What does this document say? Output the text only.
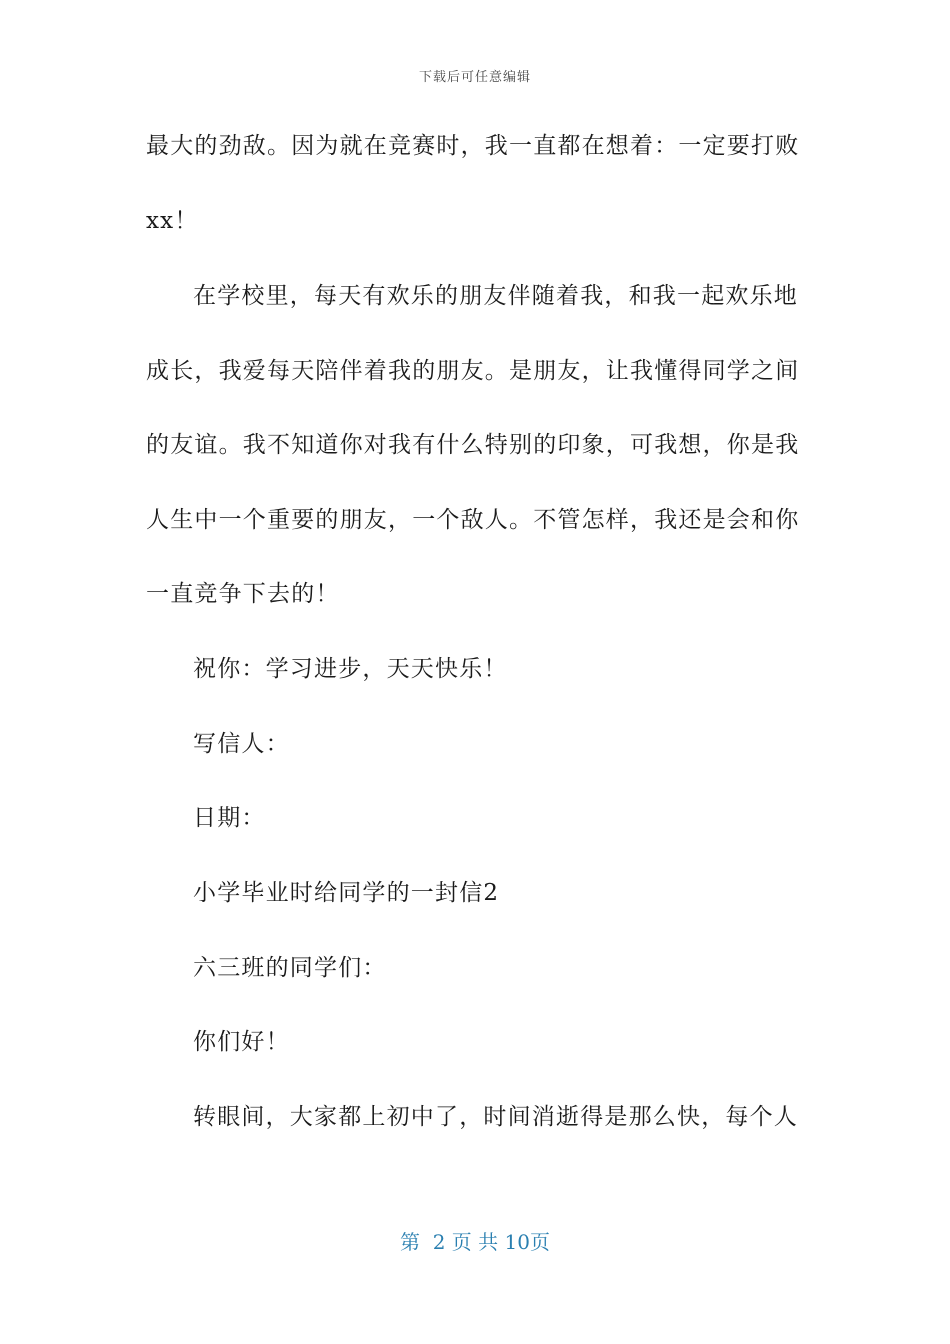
下载后可任意编辑
最大的劲敌。因为就在竞赛时，我一直都在想着：一定要打败
xx！
在学校里，每天有欢乐的朋友伴随着我，和我一起欢乐地
成长，我爱每天陪伴着我的朋友。是朋友，让我懂得同学之间
的友谊。我不知道你对我有什么特别的印象，可我想，你是我
人生中一个重要的朋友，一个敌人。不管怎样，我还是会和你
一直竞争下去的！
祝你：学习进步，天天快乐！
写信人：
日期：
小学毕业时给同学的一封信2
六三班的同学们：
你们好！
转眼间，大家都上初中了，时间消逝得是那么快，每个人
第  2 页 共 10页
